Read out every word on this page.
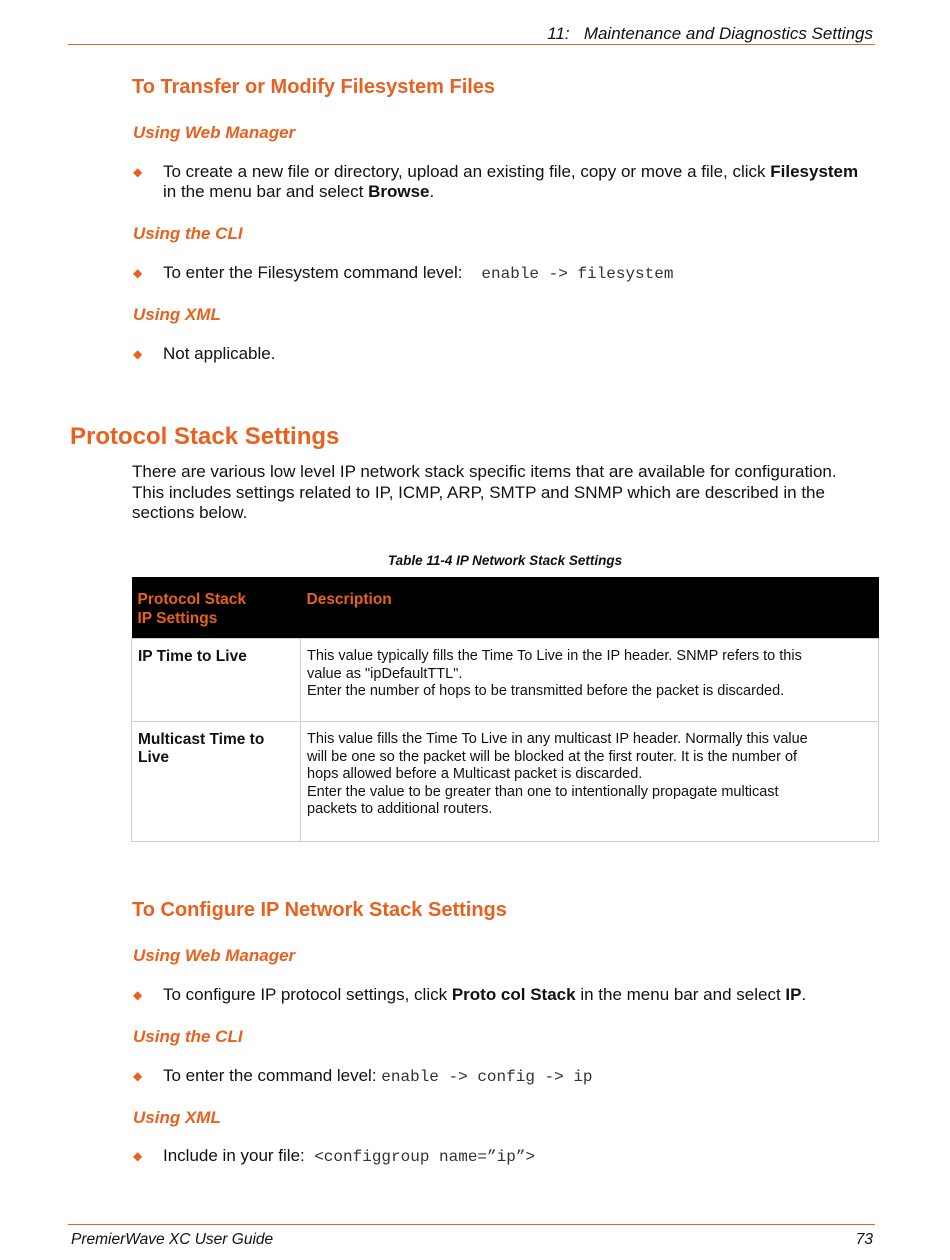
11: Maintenance and Diagnostics Settings
To Transfer or Modify Filesystem Files
Using Web Manager
◆ To create a new file or directory, upload an existing file, copy or move a file, click Filesystem
in the menu bar and select Browse.
Using the CLI
◆ To enter the Filesystem command level: enable -> filesystem
Using XML
◆ Not applicable.
Protocol Stack Settings
There are various low level IP network stack specific items that are available for configuration.
This includes settings related to IP, ICMP, ARP, SMTP and SNMP which are described in the
sections below.
Table 11-4 IP Network Stack Settings
Protocol Stack
IP Settings	Description
IP Time to Live	This value typically fills the Time To Live in the IP header. SNMP refers to this
value as "ipDefaultTTL".
Enter the number of hops to be transmitted before the packet is discarded.

Multicast Time to Live	This value fills the Time To Live in any multicast IP header. Normally this value
will be one so the packet will be blocked at the first router. It is the number of
hops allowed before a Multicast packet is discarded.
Enter the value to be greater than one to intentionally propagate multicast
packets to additional routers.
To Configure IP Network Stack Settings
Using Web Manager
◆ To configure IP protocol settings, click Proto col Stack in the menu bar and select IP.
Using the CLI
◆ To enter the command level: enable -> config -> ip
Using XML
◆ Include in your file: <configgroup name=”ip”>
PremierWave XC User Guide	73
